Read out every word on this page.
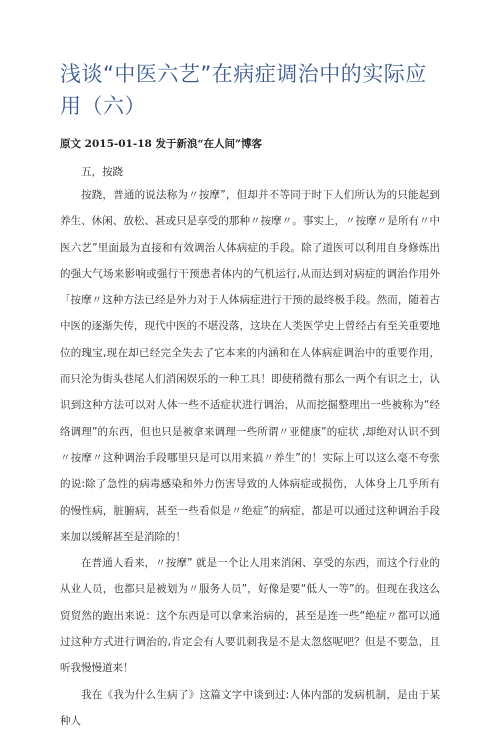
浅谈“中医六艺”在病症调治中的实际应用（六）
原文 2015-01-18 发于新浪“在人间”博客
五，按跷

按跷，普通的说法称为〃按摩”，但却并不等同于时下人们所认为的只能起到养生、休闲、放松、甚或只是享受的那种〃按摩〃。事实上，〃按摩〃是所有〃中医六艺”里面最为直接和有效调治人体病症的手段。除了道医可以利用自身修炼出的强大气场来影响或强行干预患者体内的气机运行,从而达到对病症的调治作用外「按摩〃这种方法已经是外力对于人体病症进行干预的最终极手段。然而，随着古中医的逐渐失传，现代中医的不堪没落，这块在人类医学史上曾经占有至关重要地位的瑰宝,现在却已经完全失去了它本来的内涵和在人体病症调治中的重要作用，而只沦为街头巷尾人们消闲娱乐的一种工具！即使稍微有那么一两个有识之士，认识到这种方法可以对人体一些不适症状进行调治，从而挖掘整理出一些被称为“经络调理”的东西，但也只是被拿来调理一些所谓〃亚健康”的症状 ,却绝对认识不到〃按摩〃这种调治手段哪里只是可以用来搞〃养生”的！实际上可以这么毫不夸张的说:除了急性的病毒感染和外力伤害导致的人体病症或损伤，人体身上几乎所有的慢性病，脏腑病，甚至一些看似是〃绝症”的病症，都是可以通过这种调治手段来加以缓解甚至是消除的！

在普通人看来，〃按摩” 就是一个让人用来消闲、享受的东西，而这个行业的从业人员，也都只是被划为〃服务人员”，好像是要“低人一等”的。但现在我这么贸贸然的跑出来说：这个东西是可以拿来治病的，甚至是连一些“绝症〃都可以通过这种方式进行调治的,肯定会有人要讥刺我是不是太忽悠呢吧？但是不要急，且听我慢慢道来！

我在《我为什么生病了》这篇文字中谈到过:人体内部的发病机制，是由于某种人
